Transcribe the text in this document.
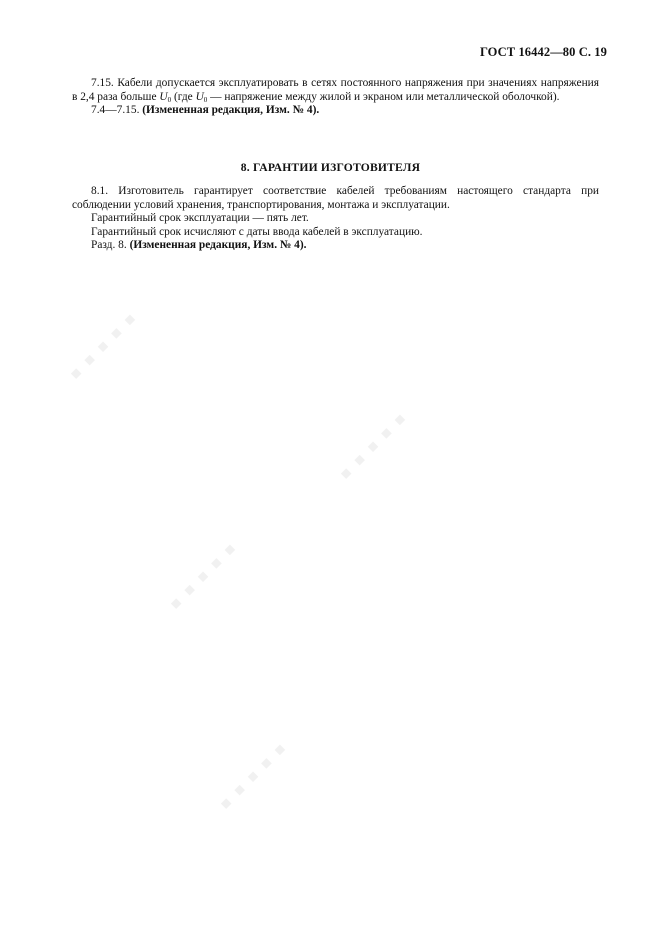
▪ ▪ ▪ ▪ ▪
▪ ▪ ▪ ▪ ▪
▪ ▪ ▪ ▪ ▪
▪ ▪ ▪ ▪ ▪
ГОСТ 16442—80 С. 19

7.15. Кабели допускается эксплуатировать в сетях постоянного напряжения при значениях напряжения в 2,4 раза больше $U_0$ (где $U_0$ — напряжение между жилой и экраном или металлической оболочкой).

7.4—7.15. (Измененная редакция, Изм. № 4).

8. ГАРАНТИИ ИЗГОТОВИТЕЛЯ

8.1. Изготовитель гарантирует соответствие кабелей требованиям настоящего стандарта при соблюдении условий хранения, транспортирования, монтажа и эксплуатации.

Гарантийный срок эксплуатации — пять лет.

Гарантийный срок исчисляют с даты ввода кабелей в эксплуатацию.

Разд. 8. (Измененная редакция, Изм. № 4).
